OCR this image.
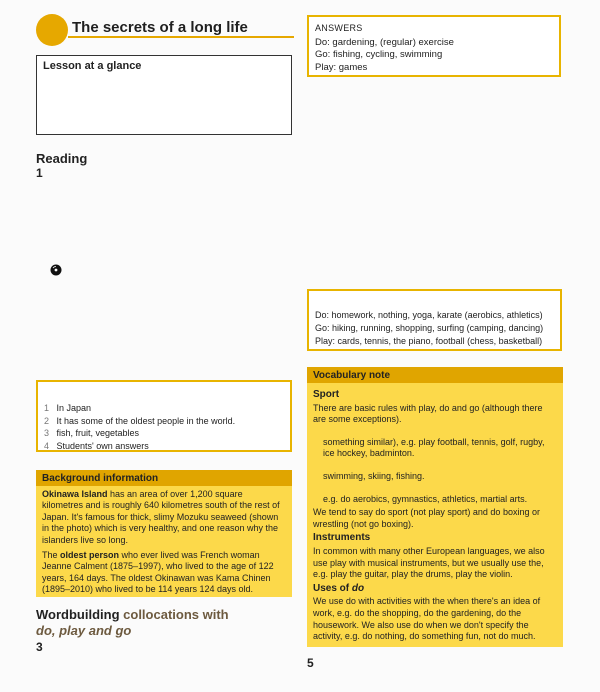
The secrets of a long life
Lesson at a glance
Reading
1
ANSWERS
Do: gardening, (regular) exercise
Go: fishing, cycling, swimming
Play: games
Do: homework, nothing, yoga, karate (aerobics, athletics)
Go: hiking, running, shopping, surfing (camping, dancing)
Play: cards, tennis, the piano, football (chess, basketball)
1 In Japan
2 It has some of the oldest people in the world.
3 fish, fruit, vegetables
4 Students' own answers
Background information

Okinawa Island has an area of over 1,200 square kilometres and is roughly 640 kilometres south of the rest of Japan. It's famous for thick, slimy Mozuku seaweed (shown in the photo) which is very healthy, and one reason why the islanders live so long.

The oldest person who ever lived was French woman Jeanne Calment (1875–1997), who lived to the age of 122 years, 164 days. The oldest Okinawan was Kama Chinen (1895–2010) who lived to be 114 years 124 days old.

Vocabulary note
Sport

There are basic rules with play, do and go (although there are some exceptions).

something similar), e.g. play football, tennis, golf, rugby, ice hockey, badminton.

swimming, skiing, fishing.

e.g. do aerobics, gymnastics, athletics, martial arts.

We tend to say do sport (not play sport) and do boxing or wrestling (not go boxing).

Instruments

In common with many other European languages, we also use play with musical instruments, but we usually use the, e.g. play the guitar, play the drums, play the violin.

Uses of do

We use do with activities with the when there's an idea of work, e.g. do the shopping, do the gardening, do the housework. We also use do when we don't specify the activity, e.g. do nothing, do something fun, not do much.

Wordbuilding collocations with
do, play and go
3
5
